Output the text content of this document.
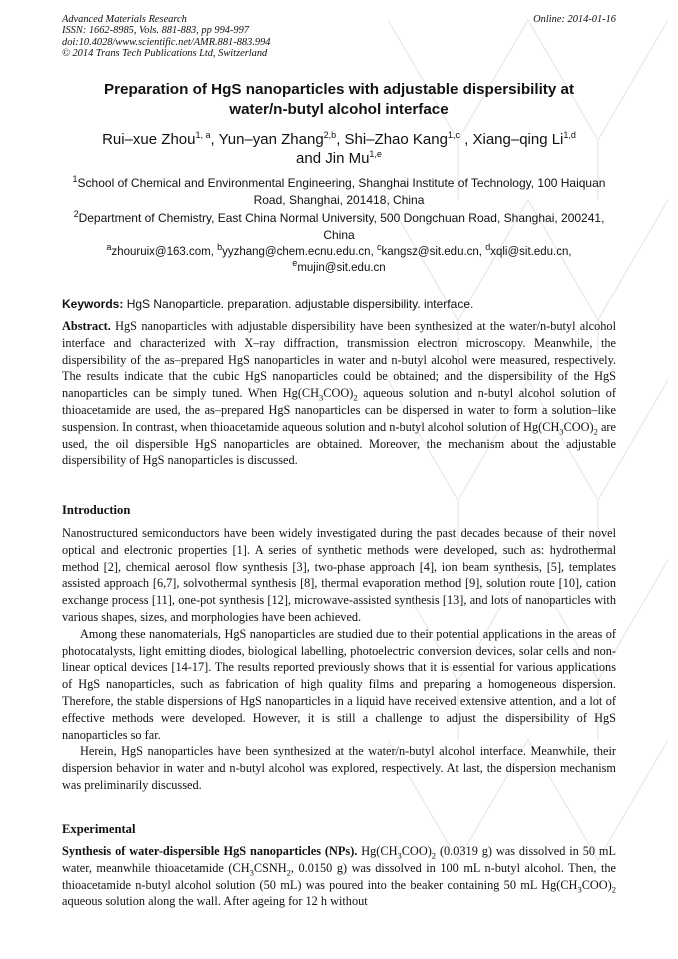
Advanced Materials Research
ISSN: 1662-8985, Vols. 881-883, pp 994-997
doi:10.4028/www.scientific.net/AMR.881-883.994
© 2014 Trans Tech Publications Ltd, Switzerland
Online: 2014-01-16
Preparation of HgS nanoparticles with adjustable dispersibility at
water/n-butyl alcohol interface
Rui–xue Zhou$^{1, a}$, Yun–yan Zhang$^{2,b}$, Shi–Zhao Kang$^{1,c}$ , Xiang–qing Li$^{1,d}$
and Jin Mu$^{1,e}$
$^1$School of Chemical and Environmental Engineering, Shanghai Institute of Technology, 100 Haiquan Road, Shanghai, 201418, China
$^2$Department of Chemistry, East China Normal University, 500 Dongchuan Road, Shanghai, 200241, China
$^a$zhouruix@163.com, $^b$yyzhang@chem.ecnu.edu.cn, $^c$kangsz@sit.edu.cn, $^d$xqli@sit.edu.cn,
$^e$mujin@sit.edu.cn
Keywords: HgS Nanoparticle. preparation. adjustable dispersibility. interface.
Abstract. HgS nanoparticles with adjustable dispersibility have been synthesized at the water/n-butyl alcohol interface and characterized with X–ray diffraction, transmission electron microscopy. Meanwhile, the dispersibility of the as–prepared HgS nanoparticles in water and n-butyl alcohol were measured, respectively. The results indicate that the cubic HgS nanoparticles could be obtained; and the dispersibility of the HgS nanoparticles can be simply tuned. When $Hg(CH_3COO)_2$ aqueous solution and n-butyl alcohol solution of thioacetamide are used, the as–prepared HgS nanoparticles can be dispersed in water to form a solution–like suspension. In contrast, when thioacetamide aqueous solution and n-butyl alcohol solution of $Hg(CH_3COO)_2$ are used, the oil dispersible HgS nanoparticles are obtained. Moreover, the mechanism about the adjustable dispersibility of HgS nanoparticles is discussed.
Introduction
Nanostructured semiconductors have been widely investigated during the past decades because of their novel optical and electronic properties [1]. A series of synthetic methods were developed, such as: hydrothermal method [2], chemical aerosol flow synthesis [3], two-phase approach [4], ion beam synthesis, [5], templates assisted approach [6,7], solvothermal synthesis [8], thermal evaporation method [9], solution route [10], cation exchange process [11], one-pot synthesis [12], microwave-assisted synthesis [13], and lots of nanoparticles with various shapes, sizes, and morphologies have been achieved.
Among these nanomaterials, HgS nanoparticles are studied due to their potential applications in the areas of photocatalysts, light emitting diodes, biological labelling, photoelectric conversion devices, solar cells and non-linear optical devices [14-17]. The results reported previously shows that it is essential for various applications of HgS nanoparticles, such as fabrication of high quality films and preparing a homogeneous dispersion. Therefore, the stable dispersions of HgS nanoparticles in a liquid have received extensive attention, and a lot of effective methods were developed. However, it is still a challenge to adjust the dispersibility of HgS nanoparticles so far.
Herein, HgS nanoparticles have been synthesized at the water/n-butyl alcohol interface. Meanwhile, their dispersion behavior in water and n-butyl alcohol was explored, respectively. At last, the dispersion mechanism was preliminarily discussed.
Experimental
Synthesis of water-dispersible HgS nanoparticles (NPs). $Hg(CH_3COO)_2$ (0.0319 g) was dissolved in 50 mL water, meanwhile thioacetamide ($CH_3CSNH_2$, 0.0150 g) was dissolved in 100 mL n-butyl alcohol. Then, the thioacetamide n-butyl alcohol solution (50 mL) was poured into the beaker containing 50 mL $Hg(CH_3COO)_2$ aqueous solution along the wall. After ageing for 12 h without
